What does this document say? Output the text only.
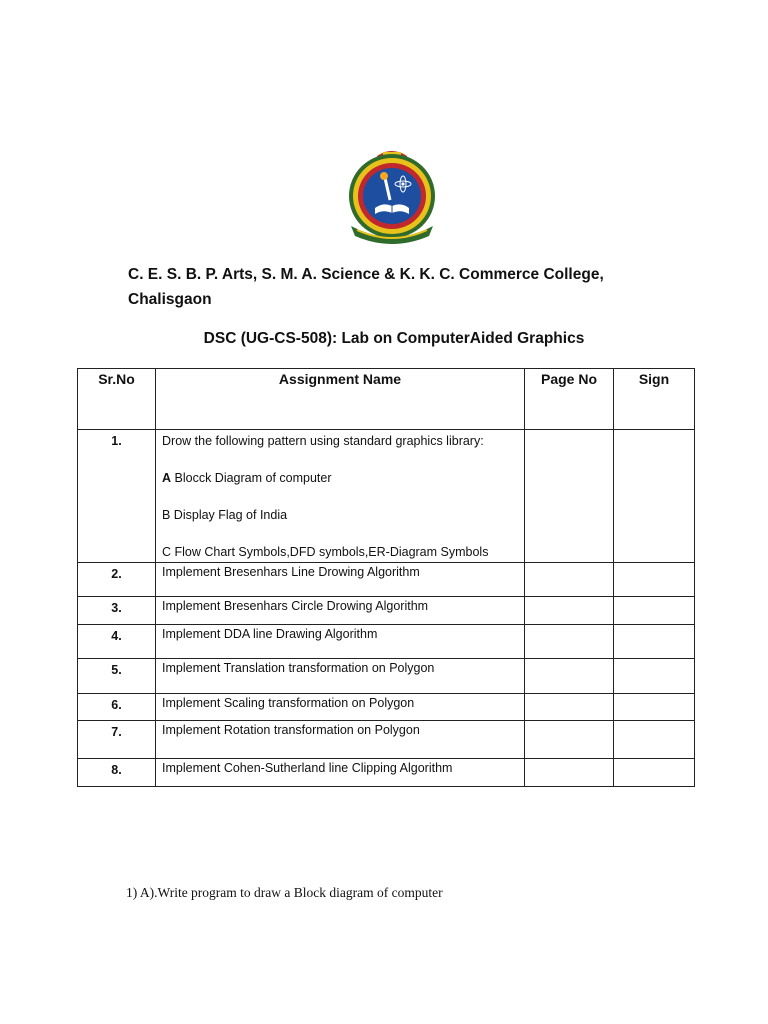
C. E. S. B. P. Arts, S. M. A. Science & K. K. C. Commerce College,
Chalisgaon
DSC (UG-CS-508): Lab on ComputerAided Graphics
Sr.No	Assignment Name	Page No	Sign
1.	Drow the following pattern using standard graphics library:
A Blocck Diagram of computer
B Display Flag of India
C Flow Chart Symbols,DFD symbols,ER-Diagram Symbols		

2.	Implement Bresenhars Line Drowing Algorithm		
3.	Implement Bresenhars Circle Drowing Algorithm		
4.	Implement DDA line Drawing Algorithm		
5.	Implement Translation transformation on Polygon		
6.	Implement Scaling transformation on Polygon		
7.	Implement Rotation transformation on Polygon		
8.	Implement Cohen-Sutherland line Clipping Algorithm		
1) A).Write program to draw a Block diagram of computer
